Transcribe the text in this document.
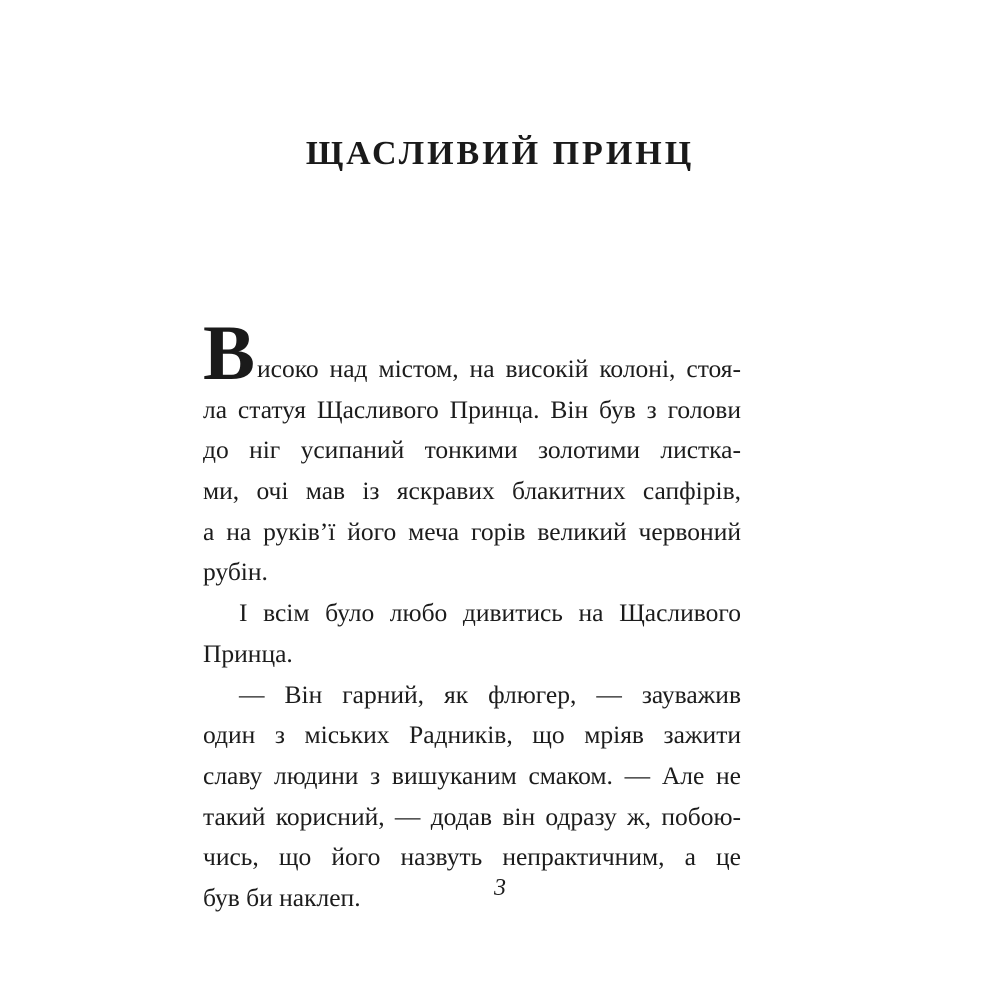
ЩАСЛИВИЙ ПРИНЦ
Високо над містом, на високій колоні, стоя-
ла статуя Щасливого Принца. Він був з голови
до ніг усипаний тонкими золотими листка-
ми, очі мав із яскравих блакитних сапфірів,
а на руків’ї його меча горів великий червоний
рубін.
І всім було любо дивитись на Щасливого
Принца.
— Він гарний, як флюгер, — зауважив
один з міських Радників, що мріяв зажити
славу людини з вишуканим смаком. — Але не
такий корисний, — додав він одразу ж, побою-
чись, що його назвуть непрактичним, а це
був би наклеп.	3
